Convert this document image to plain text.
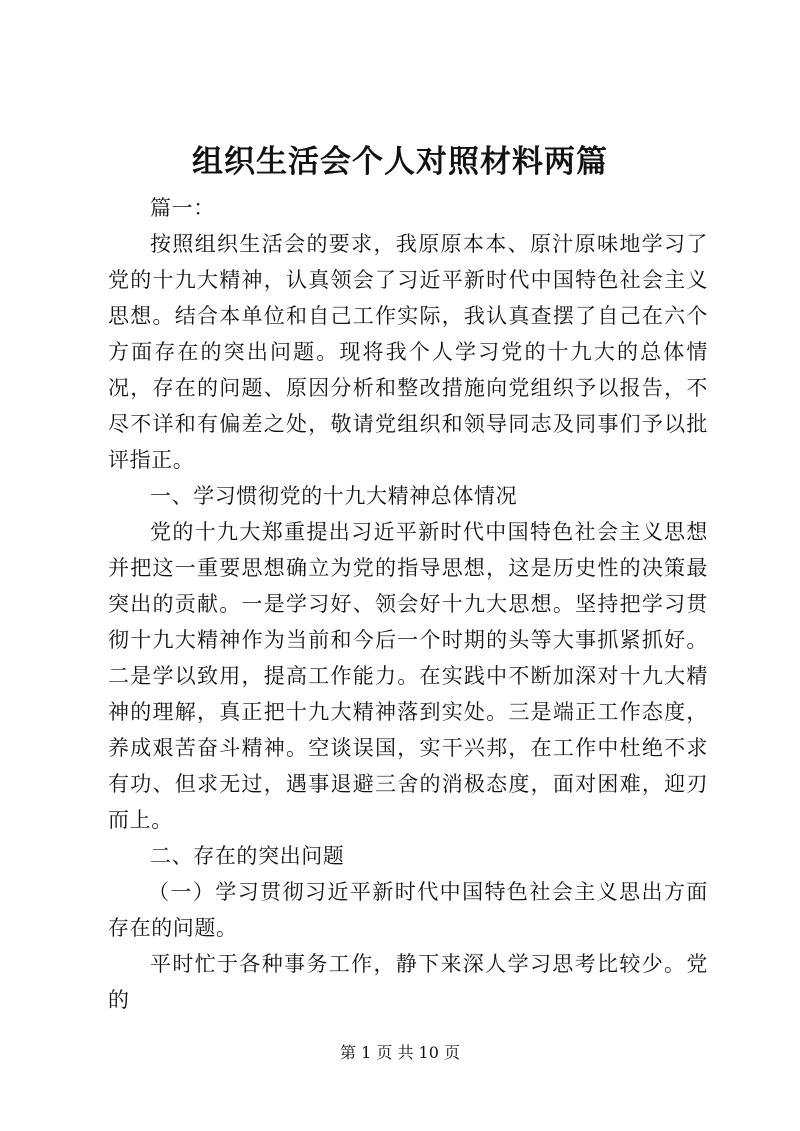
组织生活会个人对照材料两篇

篇一：

按照组织生活会的要求，我原原本本、原汁原味地学习了党的十九大精神，认真领会了习近平新时代中国特色社会主义思想。结合本单位和自己工作实际，我认真查摆了自己在六个方面存在的突出问题。现将我个人学习党的十九大的总体情况，存在的问题、原因分析和整改措施向党组织予以报告，不尽不详和有偏差之处，敬请党组织和领导同志及同事们予以批评指正。

一、学习惯彻党的十九大精神总体情况

党的十九大郑重提出习近平新时代中国特色社会主义思想并把这一重要思想确立为党的指导思想，这是历史性的决策最突出的贡献。一是学习好、领会好十九大思想。坚持把学习贯彻十九大精神作为当前和今后一个时期的头等大事抓紧抓好。二是学以致用，提高工作能力。在实践中不断加深对十九大精神的理解，真正把十九大精神落到实处。三是端正工作态度，养成艰苦奋斗精神。空谈误国，实干兴邦，在工作中杜绝不求有功、但求无过，遇事退避三舍的消极态度，面对困难，迎刃而上。

二、存在的突出问题

（一）学习贯彻习近平新时代中国特色社会主义思出方面存在的问题。

平时忙于各种事务工作，静下来深人学习思考比较少。党的

第 1 页 共 10 页
